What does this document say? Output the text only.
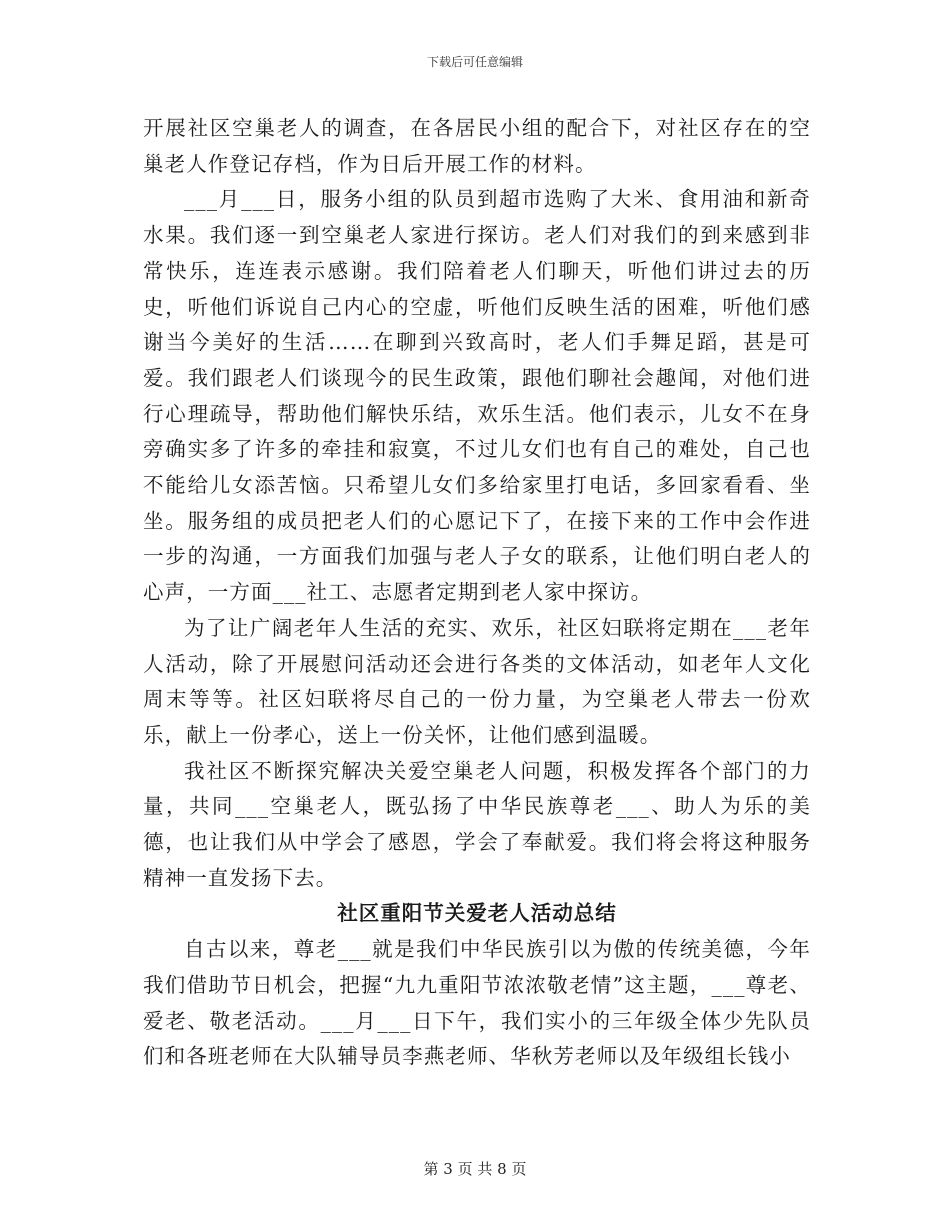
下载后可任意编辑

开展社区空巢老人的调查，在各居民小组的配合下，对社区存在的空巢老人作登记存档，作为日后开展工作的材料。

___月___日，服务小组的队员到超市选购了大米、食用油和新奇水果。我们逐一到空巢老人家进行探访。老人们对我们的到来感到非常快乐，连连表示感谢。我们陪着老人们聊天，听他们讲过去的历史，听他们诉说自己内心的空虚，听他们反映生活的困难，听他们感谢当今美好的生活……在聊到兴致高时，老人们手舞足蹈，甚是可爱。我们跟老人们谈现今的民生政策，跟他们聊社会趣闻，对他们进行心理疏导，帮助他们解快乐结，欢乐生活。他们表示，儿女不在身旁确实多了许多的牵挂和寂寞，不过儿女们也有自己的难处，自己也不能给儿女添苦恼。只希望儿女们多给家里打电话，多回家看看、坐坐。服务组的成员把老人们的心愿记下了，在接下来的工作中会作进一步的沟通，一方面我们加强与老人子女的联系，让他们明白老人的心声，一方面___社工、志愿者定期到老人家中探访。

为了让广阔老年人生活的充实、欢乐，社区妇联将定期在___老年人活动，除了开展慰问活动还会进行各类的文体活动，如老年人文化周末等等。社区妇联将尽自己的一份力量，为空巢老人带去一份欢乐，献上一份孝心，送上一份关怀，让他们感到温暖。

我社区不断探究解决关爱空巢老人问题，积极发挥各个部门的力量，共同___空巢老人，既弘扬了中华民族尊老___、助人为乐的美德，也让我们从中学会了感恩，学会了奉献爱。我们将会将这种服务精神一直发扬下去。

社区重阳节关爱老人活动总结

自古以来，尊老___就是我们中华民族引以为傲的传统美德，今年我们借助节日机会，把握“九九重阳节浓浓敬老情”这主题，___尊老、爱老、敬老活动。___月___日下午，我们实小的三年级全体少先队员们和各班老师在大队辅导员李燕老师、华秋芳老师以及年级组长钱小

第 3 页 共 8 页
